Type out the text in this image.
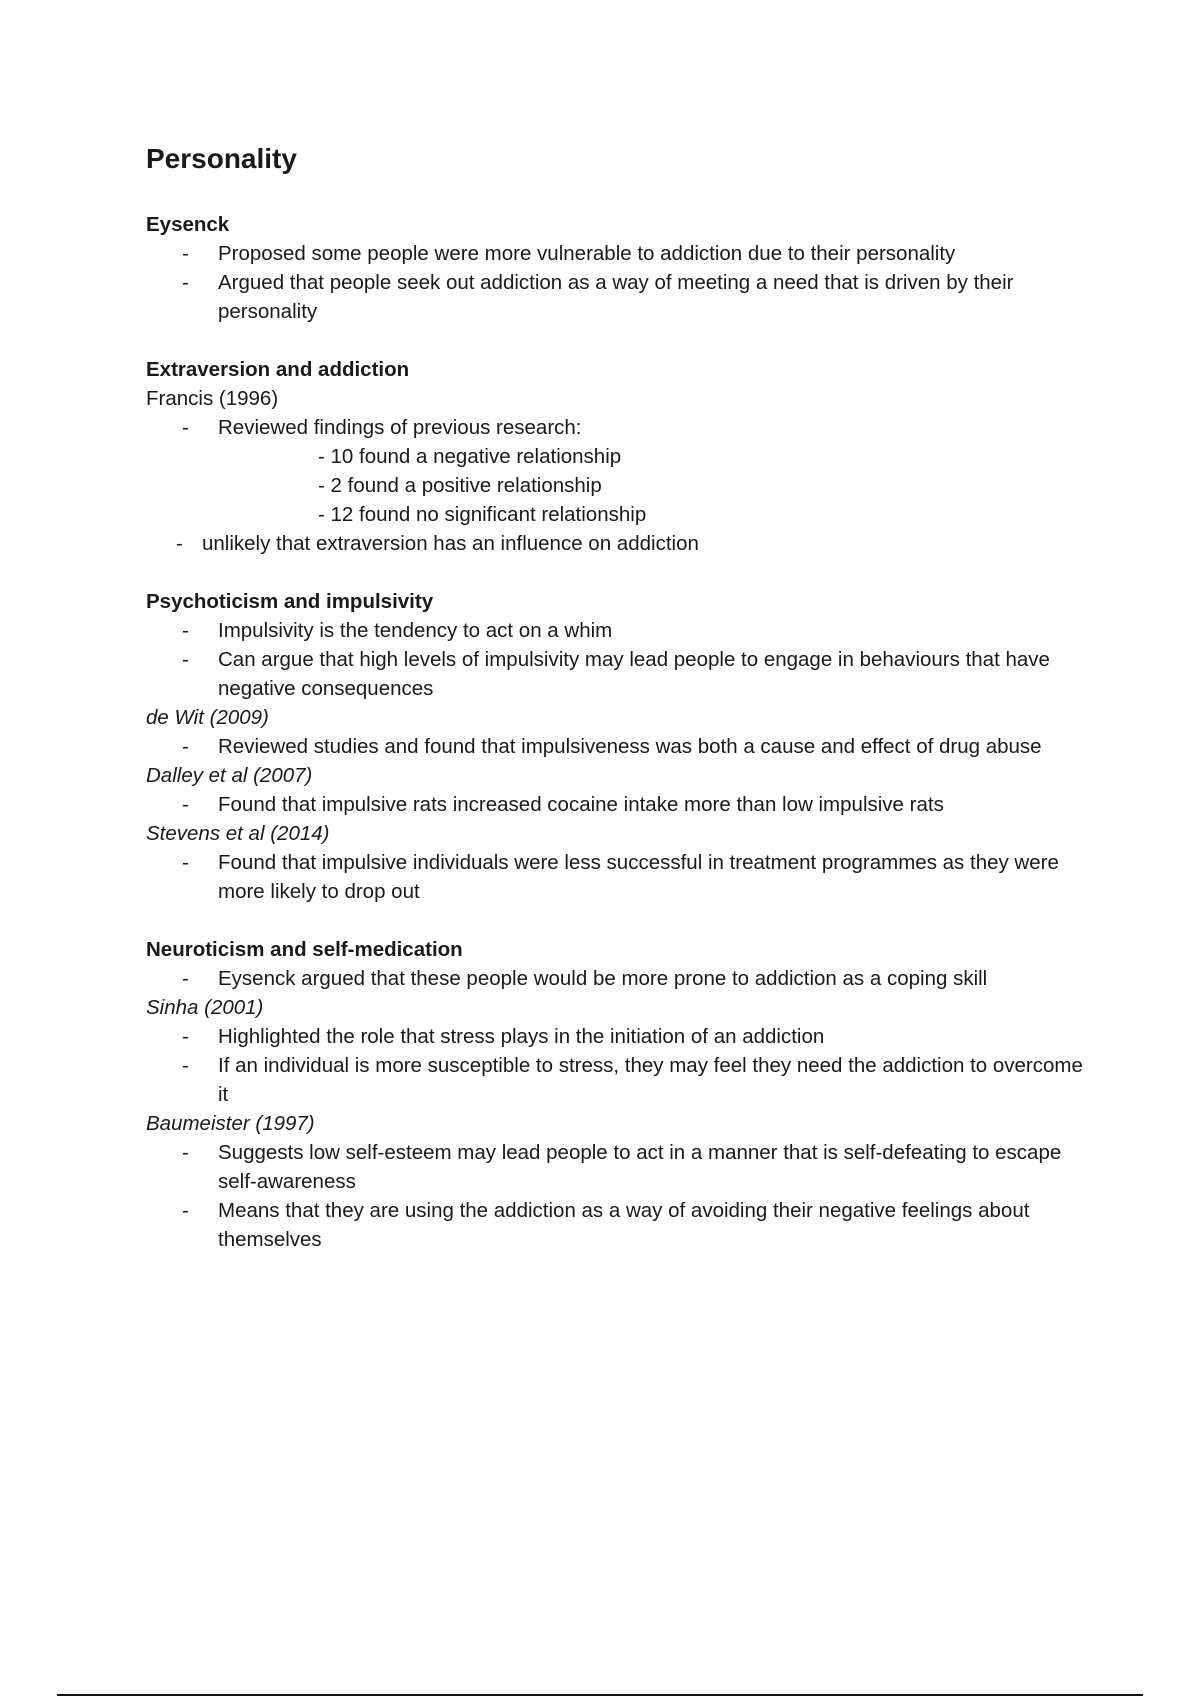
Personality

Eysenck

- Proposed some people were more vulnerable to addiction due to their personality
- Argued that people seek out addiction as a way of meeting a need that is driven by their personality

Extraversion and addiction

Francis (1996)

- Reviewed findings of previous research:
- 10 found a negative relationship
- 2 found a positive relationship
- 12 found no significant relationship
- unlikely that extraversion has an influence on addiction

Psychoticism and impulsivity

- Impulsivity is the tendency to act on a whim
- Can argue that high levels of impulsivity may lead people to engage in behaviours that have negative consequences

de Wit (2009)

- Reviewed studies and found that impulsiveness was both a cause and effect of drug abuse

Dalley et al (2007)

- Found that impulsive rats increased cocaine intake more than low impulsive rats

Stevens et al (2014)

- Found that impulsive individuals were less successful in treatment programmes as they were more likely to drop out

Neuroticism and self-medication

- Eysenck argued that these people would be more prone to addiction as a coping skill

Sinha (2001)

- Highlighted the role that stress plays in the initiation of an addiction
- If an individual is more susceptible to stress, they may feel they need the addiction to overcome it

Baumeister (1997)

- Suggests low self-esteem may lead people to act in a manner that is self-defeating to escape self-awareness
- Means that they are using the addiction as a way of avoiding their negative feelings about themselves
